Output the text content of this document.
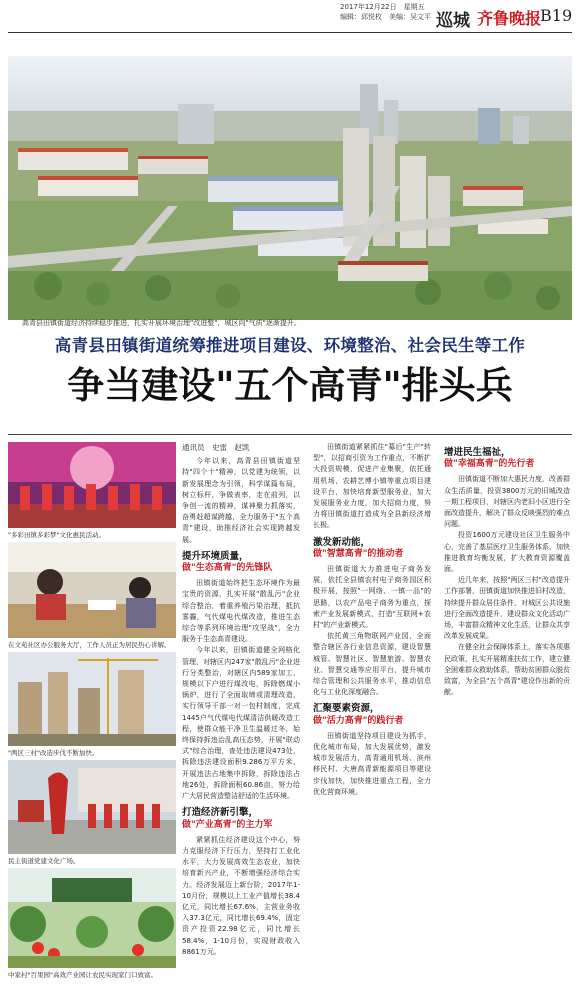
2017年12月22日　星期五
编辑：邱悦枚　美编：吴文平 巡城 齐鲁晚报
B19
高青县田镇街道经济持续稳步推进，扎实开展环境治理"改进整"，城区向"气质"逐渐提升。
高青县田镇街道统筹推进项目建设、环境整治、社会民生等工作
争当建设"五个高青"排头兵
"多彩田镇多彩梦"文化惠民活动。
在文苑社区办公服务大厅，工作人员正为居民热心讲解。
"两区三村"改造步伐不断加快。
民主街道党建文化广场。
中家村"百果园"高效产业园让农民实现家门口致富。

通讯员　史雷　赵凯

今年以来，高青县田镇街道坚持"四个十"精神，以党建为统领，以新发展理念为引领，科学谋篇布局，树立标杆，争做表率，走在前列，以争创一流的精神，谋神聚力抓落实，奋勇赶超谋跨越，全力服务于"五个高青"建设，助推经济社会实现跨越发展。

提升环境质量，

做"生态高青"的先锋队

田镇街道始终把生态环境作为最宝贵的资源，扎实开展"散乱污"企业综合整治，着重养殖污染治理，抵抗雾霾，气代煤电代煤改造，推进生态综合等系列环境治理"攻坚战"，全力服务于生态高青建设。

今年以来，田镇街道健全网格化管理，对辖区内247家"散乱污"企业进行分类整治，对辖区内589家加工、规模以下户进行煤改电，拆除燃煤小锅炉，进行了全面取缔或清理改造，实行领导干部一对一包村制度，完成1445户气代煤电代煤清洁供暖改造工程，使群众能干净卫生温暖过冬，始终保持拆违治乱高压态势，开展"联动式"综合治理，查处违法建设473处，拆除违法建设面积9.286万平方米，开展违法占地集中拆除，拆除违法占地26处，拆除面积60.86亩，努力给广大居民营造整洁舒适的生活环境。

打造经济新引擎，

做"产业高青"的主力军

紧紧抓住经济建设这个中心，努力克服经济下行压力，坚持打工业化水平，大力发展高效生态农业，加快培育新兴产业，不断增强经济综合实力。经济发展迈上新台阶，2017年1-10月份，规模以上工业产值增长38.4亿元，同比增长67.6%，主营业务收入37.3亿元，同比增长69.4%，固定资产投资22.98亿元，同比增长58.4%，1-10月份，实现财政收入8861万元。

田镇街道紧紧抓住"募后"生产"转型"，以招商引资为工作重点，不断扩大投资规模，促进产业集聚，依托通用机场，农耕艺博小镇等重点项目建设平台，加快培育新型服务业，加大发展服务业力度，加大招商力度，努力将田镇街道打造成为全县新经济增长极。

激发新动能，

做"智慧高青"的推动者

田镇街道大力推进电子商务发展，依托全县镇农村电子商务园区积极开展，按照"一网络、一镇一品"的思路，以农产品电子商务为重点，探索产业发展新模式，打造"互联网+农村"的产业新模式。

依托黄三角物联网产业园，全面整合辖区各行业信息资源，建设智慧城管、智慧社区、智慧旅游、智慧农业、智慧交通等应用平台，提升城市综合管理和公共服务水平，推动信息化与工业化深度融合。

汇聚要素资源，

做"活力高青"的践行者

田镇街道坚持项目建设为抓手，优化城市布局，加大发展优势，激发城市发展活力，高青通用机场、滨州移民村、大唐高青新能源项目等建设步伐加快，加快推进重点工程，全力优化营商环境。

增进民生福祉，

做"幸福高青"的先行者

田镇街道不断加大惠民力度，改善群众生活质量，投资3800万元的旧城改造一期工程项目，对辖区内老旧小区进行全面改造提升，解决了群众反映强烈的难点问题。

投资1600万元建设社区卫生服务中心，完善了基层医疗卫生服务体系，加快推进教育均衡发展，扩大教育资源覆盖面。

近几年来，按照"两区三村"改造提升工作部署，田镇街道加快推进旧村改造，持续提升群众居住条件，对城区公共设施进行全面改造提升，建设群众文化活动广场，丰富群众精神文化生活，让群众共享改革发展成果。

在健全社会保障体系上，落实各项惠民政策，扎实开展精准扶贫工作，建立健全困难群众救助体系，帮助贫困群众脱贫致富，为全县"五个高青"建设作出新的贡献。
